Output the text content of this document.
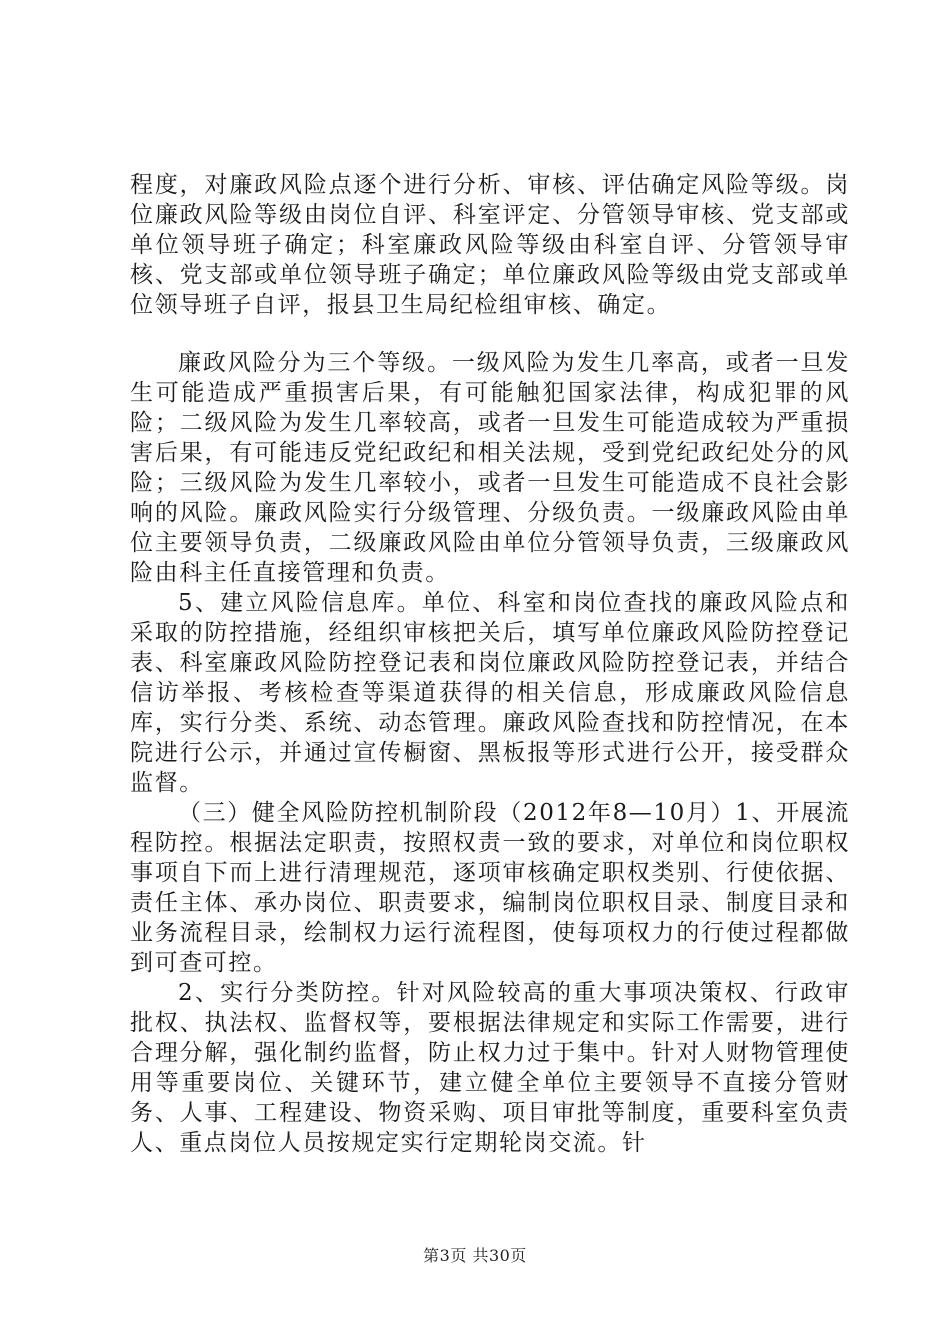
程度，对廉政风险点逐个进行分析、审核、评估确定风险等级。岗位廉政风险等级由岗位自评、科室评定、分管领导审核、党支部或单位领导班子确定；科室廉政风险等级由科室自评、分管领导审核、党支部或单位领导班子确定；单位廉政风险等级由党支部或单位领导班子自评，报县卫生局纪检组审核、确定。

廉政风险分为三个等级。一级风险为发生几率高，或者一旦发生可能造成严重损害后果，有可能触犯国家法律，构成犯罪的风险；二级风险为发生几率较高，或者一旦发生可能造成较为严重损害后果，有可能违反党纪政纪和相关法规，受到党纪政纪处分的风险；三级风险为发生几率较小，或者一旦发生可能造成不良社会影响的风险。廉政风险实行分级管理、分级负责。一级廉政风险由单位主要领导负责，二级廉政风险由单位分管领导负责，三级廉政风险由科主任直接管理和负责。

5、建立风险信息库。单位、科室和岗位查找的廉政风险点和采取的防控措施，经组织审核把关后，填写单位廉政风险防控登记表、科室廉政风险防控登记表和岗位廉政风险防控登记表，并结合信访举报、考核检查等渠道获得的相关信息，形成廉政风险信息库，实行分类、系统、动态管理。廉政风险查找和防控情况，在本院进行公示，并通过宣传橱窗、黑板报等形式进行公开，接受群众监督。

（三）健全风险防控机制阶段（2012年8—10月）1、开展流程防控。根据法定职责，按照权责一致的要求，对单位和岗位职权事项自下而上进行清理规范，逐项审核确定职权类别、行使依据、责任主体、承办岗位、职责要求，编制岗位职权目录、制度目录和业务流程目录，绘制权力运行流程图，使每项权力的行使过程都做到可查可控。

2、实行分类防控。针对风险较高的重大事项决策权、行政审批权、执法权、监督权等，要根据法律规定和实际工作需要，进行合理分解，强化制约监督，防止权力过于集中。针对人财物管理使用等重要岗位、关键环节，建立健全单位主要领导不直接分管财务、人事、工程建设、物资采购、项目审批等制度，重要科室负责人、重点岗位人员按规定实行定期轮岗交流。针

第3页 共30页
